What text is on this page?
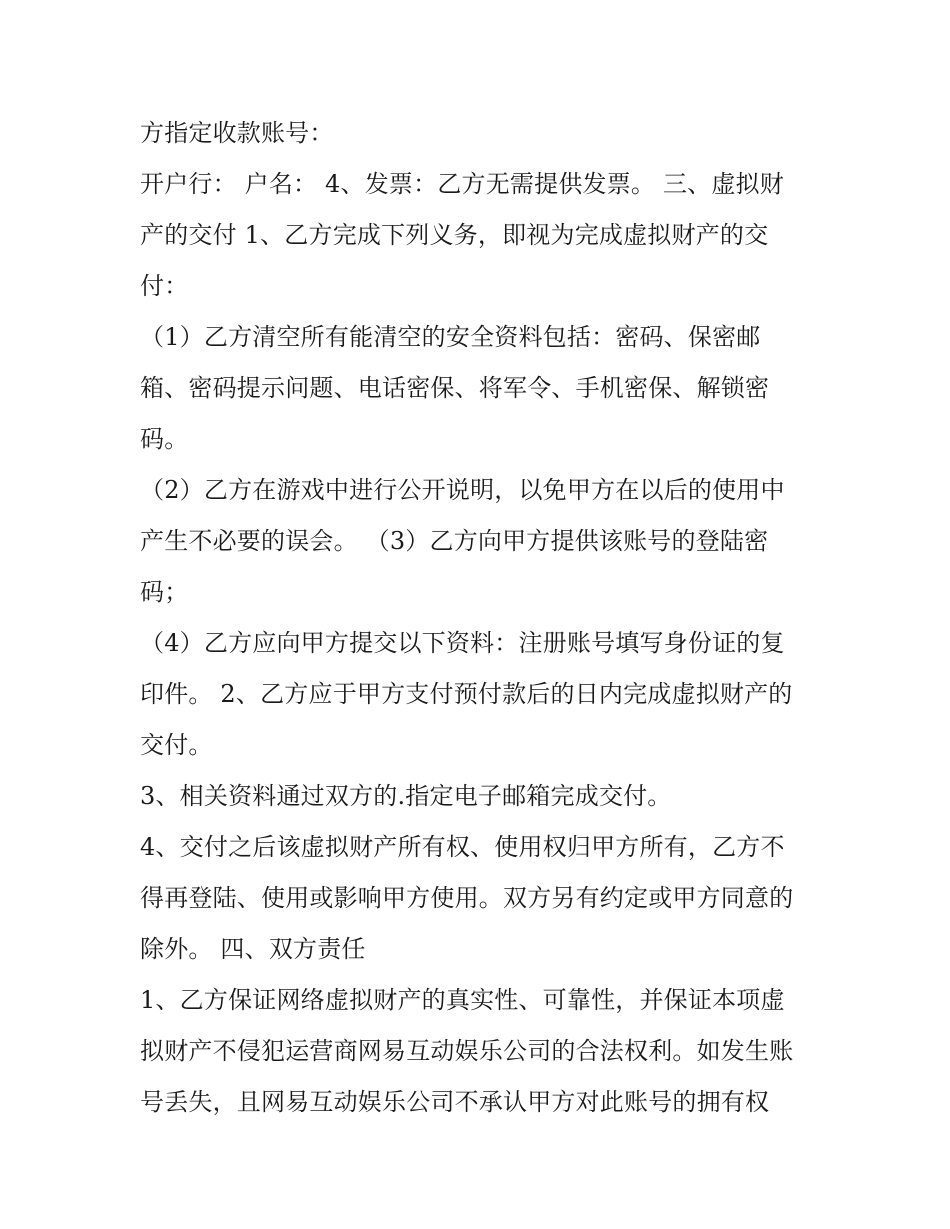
方指定收款账号：
开户行： 户名： 4、发票：乙方无需提供发票。 三、虚拟财
产的交付 1、乙方完成下列义务，即视为完成虚拟财产的交
付：
（1）乙方清空所有能清空的安全资料包括：密码、保密邮
箱、密码提示问题、电话密保、将军令、手机密保、解锁密
码。
（2）乙方在游戏中进行公开说明，以免甲方在以后的使用中
产生不必要的误会。 （3）乙方向甲方提供该账号的登陆密
码；
（4）乙方应向甲方提交以下资料：注册账号填写身份证的复
印件。 2、乙方应于甲方支付预付款后的日内完成虚拟财产的
交付。
3、相关资料通过双方的.指定电子邮箱完成交付。
4、交付之后该虚拟财产所有权、使用权归甲方所有，乙方不
得再登陆、使用或影响甲方使用。双方另有约定或甲方同意的
除外。 四、双方责任
1、乙方保证网络虚拟财产的真实性、可靠性，并保证本项虚
拟财产不侵犯运营商网易互动娱乐公司的合法权利。如发生账
号丢失，且网易互动娱乐公司不承认甲方对此账号的拥有权
